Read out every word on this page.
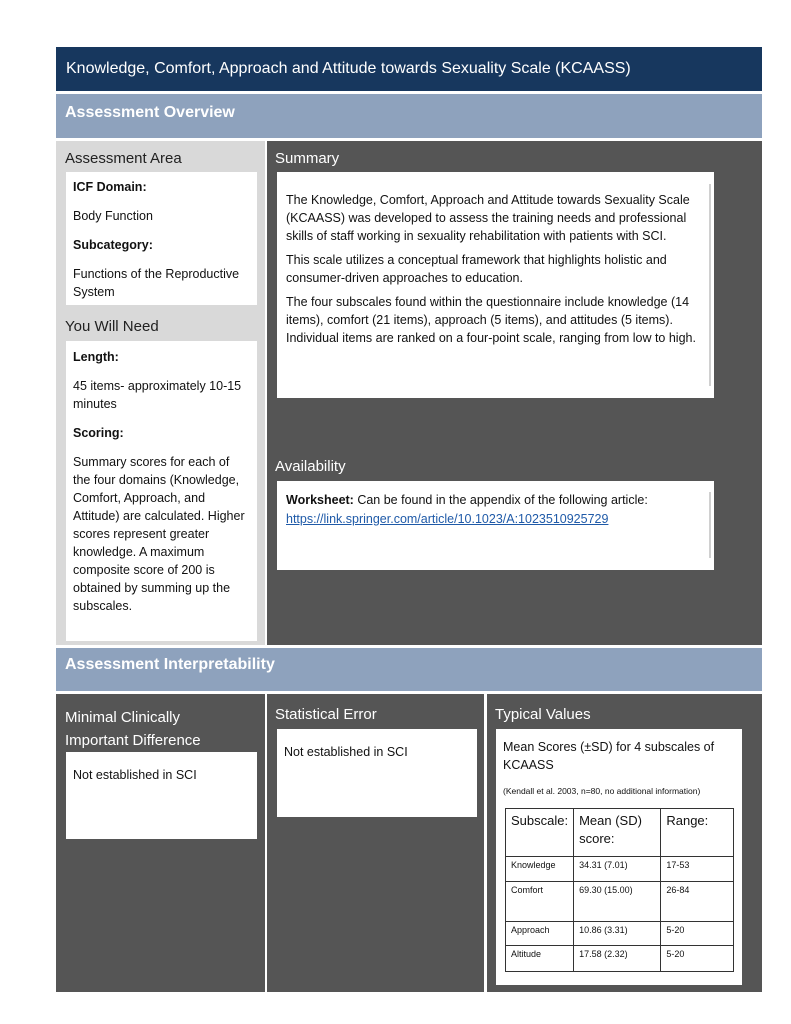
Knowledge, Comfort, Approach and Attitude towards Sexuality Scale (KCAASS)
Assessment Overview
Assessment Area

ICF Domain:

Body Function

Subcategory:

Functions of the Reproductive System

You Will Need

Length:

45 items- approximately 10-15 minutes

Scoring:

Summary scores for each of the four domains (Knowledge, Comfort, Approach, and Attitude) are calculated. Higher scores represent greater knowledge. A maximum composite score of 200 is obtained by summing up the subscales.

Summary

The Knowledge, Comfort, Approach and Attitude towards Sexuality Scale (KCAASS) was developed to assess the training needs and professional skills of staff working in sexuality rehabilitation with patients with SCI.

This scale utilizes a conceptual framework that highlights holistic and consumer-driven approaches to education.

The four subscales found within the questionnaire include knowledge (14 items), comfort (21 items), approach (5 items), and attitudes (5 items). Individual items are ranked on a four-point scale, ranging from low to high.

Availability

Worksheet: Can be found in the appendix of the following article:

https://link.springer.com/article/10.1023/A:1023510925729

Assessment Interpretability
Minimal Clinically
Important Difference

Not established in SCI

Statistical Error

Not established in SCI

Typical Values

Mean Scores (±SD) for 4 subscales of KCAASS

(Kendall et al. 2003, n=80, no additional information)

Subscale:	Mean (SD) score:	Range:
Knowledge	34.31 (7.01)	17-53
Comfort	69.30 (15.00)	26-84
Approach	10.86 (3.31)	5-20
Altitude	17.58 (2.32)	5-20
